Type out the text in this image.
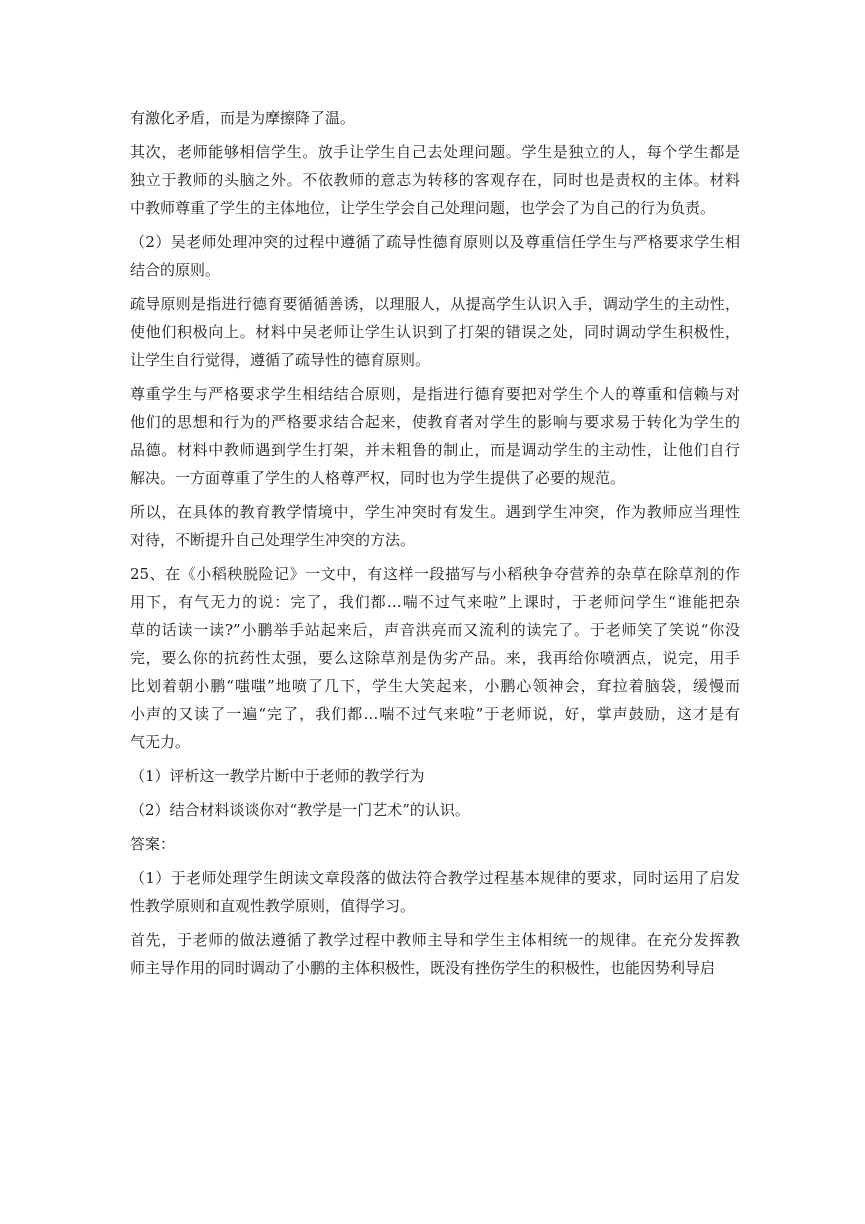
有激化矛盾，而是为摩擦降了温。

其次，老师能够相信学生。放手让学生自己去处理问题。学生是独立的人，每个学生都是
独立于教师的头脑之外。不依教师的意志为转移的客观存在，同时也是责权的主体。材料
中教师尊重了学生的主体地位，让学生学会自己处理问题，也学会了为自己的行为负责。

（2）吴老师处理冲突的过程中遵循了疏导性德育原则以及尊重信任学生与严格要求学生相
结合的原则。

疏导原则是指进行德育要循循善诱，以理服人，从提高学生认识入手，调动学生的主动性，
使他们积极向上。材料中吴老师让学生认识到了打架的错误之处，同时调动学生积极性，
让学生自行觉得，遵循了疏导性的德育原则。

尊重学生与严格要求学生相结结合原则，是指进行德育要把对学生个人的尊重和信赖与对
他们的思想和行为的严格要求结合起来，使教育者对学生的影响与要求易于转化为学生的
品德。材料中教师遇到学生打架，并未粗鲁的制止，而是调动学生的主动性，让他们自行
解决。一方面尊重了学生的人格尊严权，同时也为学生提供了必要的规范。

所以，在具体的教育教学情境中，学生冲突时有发生。遇到学生冲突，作为教师应当理性
对待，不断提升自己处理学生冲突的方法。

25、在《小稻秧脱险记》一文中，有这样一段描写与小稻秧争夺营养的杂草在除草剂的作
用下，有气无力的说：完了，我们都…喘不过气来啦”上课时，于老师问学生“谁能把杂
草的话读一读?”小鹏举手站起来后，声音洪亮而又流利的读完了。于老师笑了笑说“你没
完，要么你的抗药性太强，要么这除草剂是伪劣产品。来，我再给你喷洒点，说完，用手
比划着朝小鹏“嗤嗤”地喷了几下，学生大笑起来，小鹏心领神会，耷拉着脑袋，缓慢而
小声的又读了一遍“完了，我们都…喘不过气来啦”于老师说，好，掌声鼓励，这才是有
气无力。

（1）评析这一教学片断中于老师的教学行为

（2）结合材料谈谈你对“教学是一门艺术”的认识。

答案：

（1）于老师处理学生朗读文章段落的做法符合教学过程基本规律的要求，同时运用了启发
性教学原则和直观性教学原则，值得学习。

首先，于老师的做法遵循了教学过程中教师主导和学生主体相统一的规律。在充分发挥教
师主导作用的同时调动了小鹏的主体积极性，既没有挫伤学生的积极性，也能因势利导启
